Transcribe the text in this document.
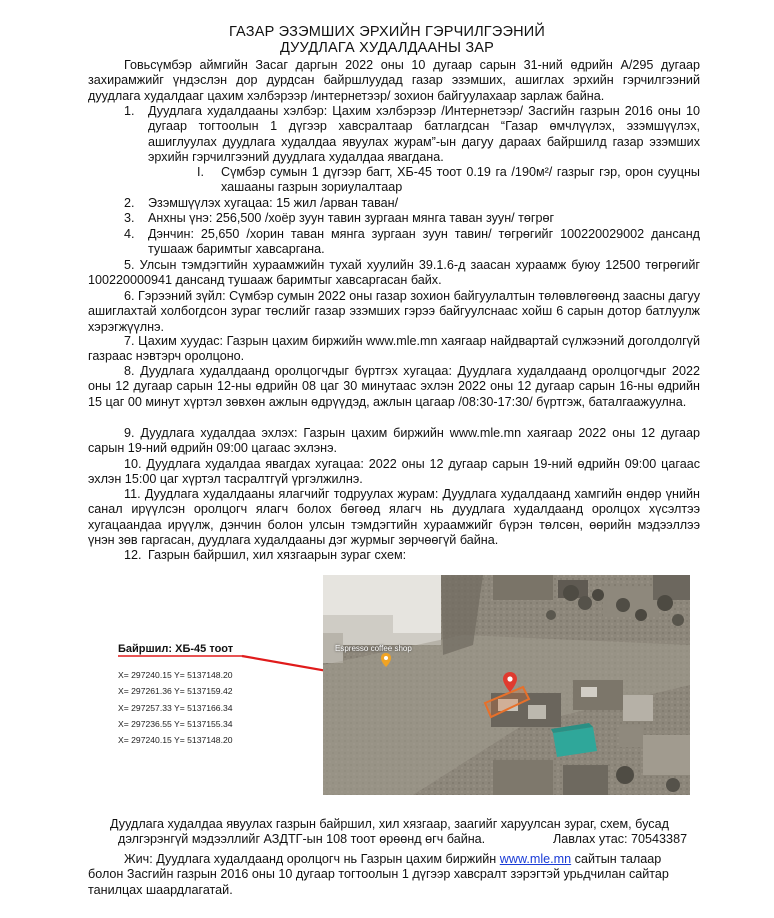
ГАЗАР ЭЗЭМШИХ ЭРХИЙН ГЭРЧИЛГЭЭНИЙ
ДУУДЛАГА ХУДАЛДААНЫ ЗАР
Говьсүмбэр аймгийн Засаг даргын 2022 оны 10 дугаар сарын 31-ний өдрийн А/295 дугаар захирамжийг үндэслэн дор дурдсан байршлуудад газар эзэмших, ашиглах эрхийн гэрчилгээний дуудлага худалдааг цахим хэлбэрээр /интернетээр/ зохион байгуулахаар зарлаж байна.
1. Дуудлага худалдааны хэлбэр: Цахим хэлбэрээр /Интернетээр/ Засгийн газрын 2016 оны 10 дугаар тогтоолын 1 дүгээр хавсралтаар батлагдсан “Газар өмчлүүлэх, эзэмшүүлэх, ашиглуулах дуудлага худалдаа явуулах журам”-ын дагуу дараах байршилд газар эзэмших эрхийн гэрчилгээний дуудлага худалдаа явагдана.
I. Сүмбэр сумын 1 дүгээр багт, ХБ-45 тоот 0.19 га /190м²/ газрыг гэр, орон сууцны хашааны газрын зориулалтаар
2. Эзэмшүүлэх хугацаа: 15 жил /арван таван/
3. Анхны үнэ: 256,500 /хоёр зуун тавин зургаан мянга таван зуун/ төгрөг
4. Дэнчин: 25,650 /хорин таван мянга зургаан зуун тавин/ төгрөгийг 100220029002 дансанд тушааж баримтыг хавсаргана.
5. Улсын тэмдэгтийн хураамжийн тухай хуулийн 39.1.6-д заасан хураамж буюу 12500 төгрөгийг 100220000941 дансанд тушааж баримтыг хавсаргасан байх.
6. Гэрээний зүйл: Сүмбэр сумын 2022 оны газар зохион байгуулалтын төлөвлөгөөнд заасны дагуу ашиглахтай холбогдсон зураг төслийг газар эзэмших гэрээ байгуулснаас хойш 6 сарын дотор батлуулж хэрэгжүүлнэ.
7. Цахим хуудас: Газрын цахим биржийн www.mle.mn хаягаар найдвартай сүлжээний дoголдолгүй газраас нэвтэрч оролцоно.
8. Дуудлага худалдаанд оролцогчдыг бүртгэх хугацаа: Дуудлага худалдаанд оролцогчдыг 2022 оны 12 дугаар сарын 12-ны өдрийн 08 цаг 30 минутаас эхлэн 2022 оны 12 дугаар сарын 16-ны өдрийн 15 цаг 00 минут хүртэл зөвхөн ажлын өдрүүдэд, ажлын цагаар /08:30-17:30/ бүртгэж, баталгаажуулна.
9. Дуудлага худалдаа эхлэх: Газрын цахим биржийн www.mle.mn хаягаар 2022 оны 12 дугаар сарын 19-ний өдрийн 09:00 цагаас эхлэнэ.
10. Дуудлага худалдаа явагдах хугацаа: 2022 оны 12 дугаар сарын 19-ний өдрийн 09:00 цагаас эхлэн 15:00 цаг хүртэл тасралтгүй үргэлжилнэ.
11. Дуудлага худалдааны ялагчийг тодруулах журам: Дуудлага худалдаанд хамгийн өндөр үнийн санал ирүүлсэн оролцогч ялагч болох бөгөөд ялагч нь дуудлага худалдаанд оролцох хүсэлтээ хугацаандаа ирүүлж, дэнчин болон улсын тэмдэгтийн хураамжийг бүрэн төлсөн, өөрийн мэдээллээ үнэн зөв гаргасан, дуудлага худалдааны дэг журмыг зөрчөөгүй байна.
12. Газрын байршил, хил хязгаарын зураг схем:
Байршил: ХБ-45 тоот
X= 297240.15 Y= 5137148.20
X= 297261.36 Y= 5137159.42
X= 297257.33 Y= 5137166.34
X= 297236.55 Y= 5137155.34
X= 297240.15 Y= 5137148.20
Espresso coffee shop
Дуудлага худалдаа явуулах газрын байршил, хил хязгаар, заагийг харуулсан зураг, схем, бусад
дэлгэрэнгүй мэдээллийг АЗДТГ-ын 108 тоот өрөөнд өгч байна.	Лавлах утас: 70543387
Жич: Дуудлага худалдаанд оролцогч нь Газрын цахим биржийн www.mle.mn сайтын талаар
болон Засгийн газрын 2016 оны 10 дугаар тогтоолын 1 дүгээр хавсралт зэрэгтэй урьдчилан сайтар
танилцах шаардлагатай.
